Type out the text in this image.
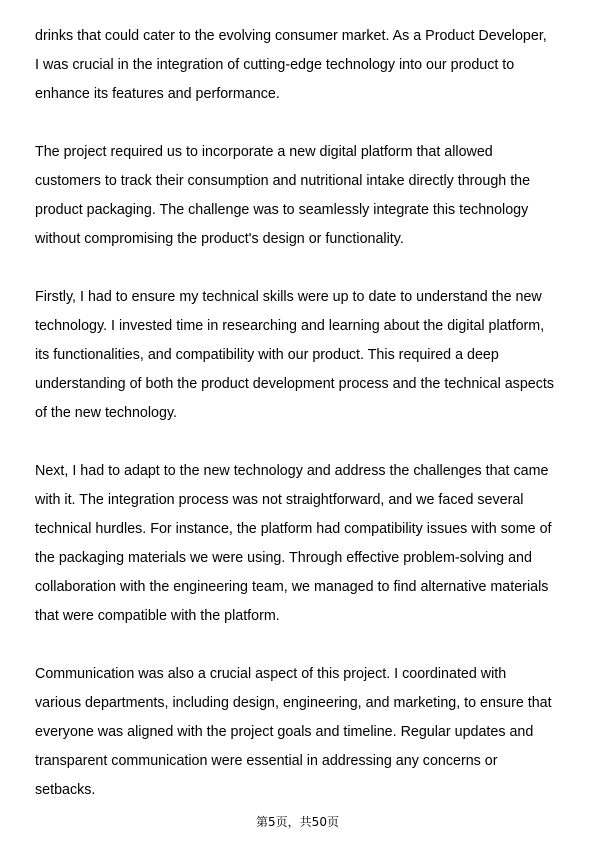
drinks that could cater to the evolving consumer market. As a Product Developer,
I was crucial in the integration of cutting-edge technology into our product to
enhance its features and performance.

The project required us to incorporate a new digital platform that allowed
customers to track their consumption and nutritional intake directly through the
product packaging. The challenge was to seamlessly integrate this technology
without compromising the product's design or functionality.

Firstly, I had to ensure my technical skills were up to date to understand the new
technology. I invested time in researching and learning about the digital platform,
its functionalities, and compatibility with our product. This required a deep
understanding of both the product development process and the technical aspects
of the new technology.

Next, I had to adapt to the new technology and address the challenges that came
with it. The integration process was not straightforward, and we faced several
technical hurdles. For instance, the platform had compatibility issues with some of
the packaging materials we were using. Through effective problem-solving and
collaboration with the engineering team, we managed to find alternative materials
that were compatible with the platform.

Communication was also a crucial aspect of this project. I coordinated with
various departments, including design, engineering, and marketing, to ensure that
everyone was aligned with the project goals and timeline. Regular updates and
transparent communication were essential in addressing any concerns or
setbacks.

第5页，共50页
